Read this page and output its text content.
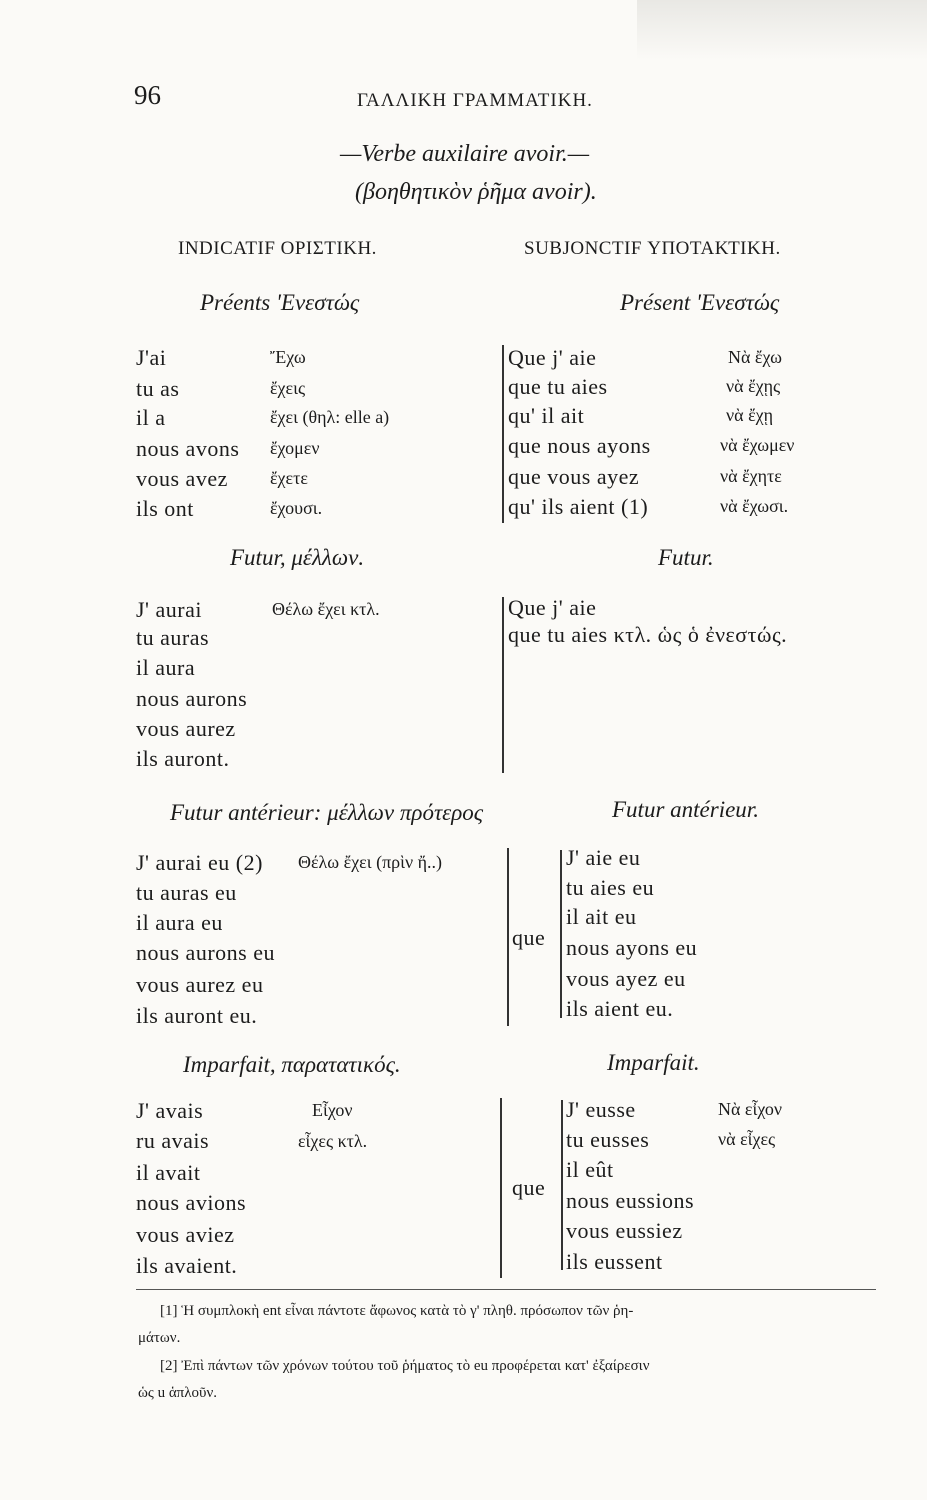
96	ΓΑΛΛΙΚΗ ΓΡΑΜΜΑΤΙΚΗ.
—Verbe auxilaire avoir.—
(βοηθητικὸν ῥῆμα avoir).
INDICATIF ΟΡΙΣΤΙΚΗ.	SUBJONCTIF ΥΠΟΤΑΚΤΙΚΗ.
Préents 'Ενεστώς	Présent 'Ενεστώς
J'ai	Ἔχω
tu as	ἔχεις
il a	ἔχει (θηλ: elle a)
nous avons ἔχομεν
vous avez ἔχετε
ils ont	ἔχουσι.
Que j' aie	Νὰ ἔχω
que tu aies	νὰ ἔχῃς
qu' il ait	νὰ ἔχῃ
que nous ayons	νὰ ἔχωμεν
que vous ayez	νὰ ἔχητε
qu' ils aient (1)	νὰ ἔχωσι.
Futur, μέλλων.	Futur.
J' aurai	Θέλω ἔχει κτλ.
tu auras
il aura
nous aurons
vous aurez
ils auront.
Que j' aie
que tu aies κτλ. ὡς ὁ ἐνεστώς.
Futur antérieur: μέλλων πρότερος	Futur antérieur.
J' aurai eu (2) Θέλω ἔχει (πρὶν ἤ..)
tu auras eu
il aura eu
nous aurons eu
vous aurez eu
ils auront eu.
que
J' aie eu
tu aies eu
il ait eu
nous ayons eu
vous ayez eu
ils aient eu.
Imparfait, παρατατικός.	Imparfait.
J' avais	Εἶχον
ru avais	εἶχες κτλ.
il avait
nous avions
vous aviez
ils avaient.
que
J' eusse	Νὰ εἶχον
tu eusses	νὰ εἶχες
il eût
nous eussions
vous eussiez
ils eussent
[1] Ἡ συμπλοκὴ ent εἶναι πάντοτε ἄφωνος κατὰ τὸ γ' πληθ. πρόσωπον τῶν ῥη-
μάτων.
[2] Ἐπὶ πάντων τῶν χρόνων τούτου τοῦ ῥήματος τὸ eu προφέρεται κατ' ἐξαίρεσιν
ὡς u ἁπλοῦν.
